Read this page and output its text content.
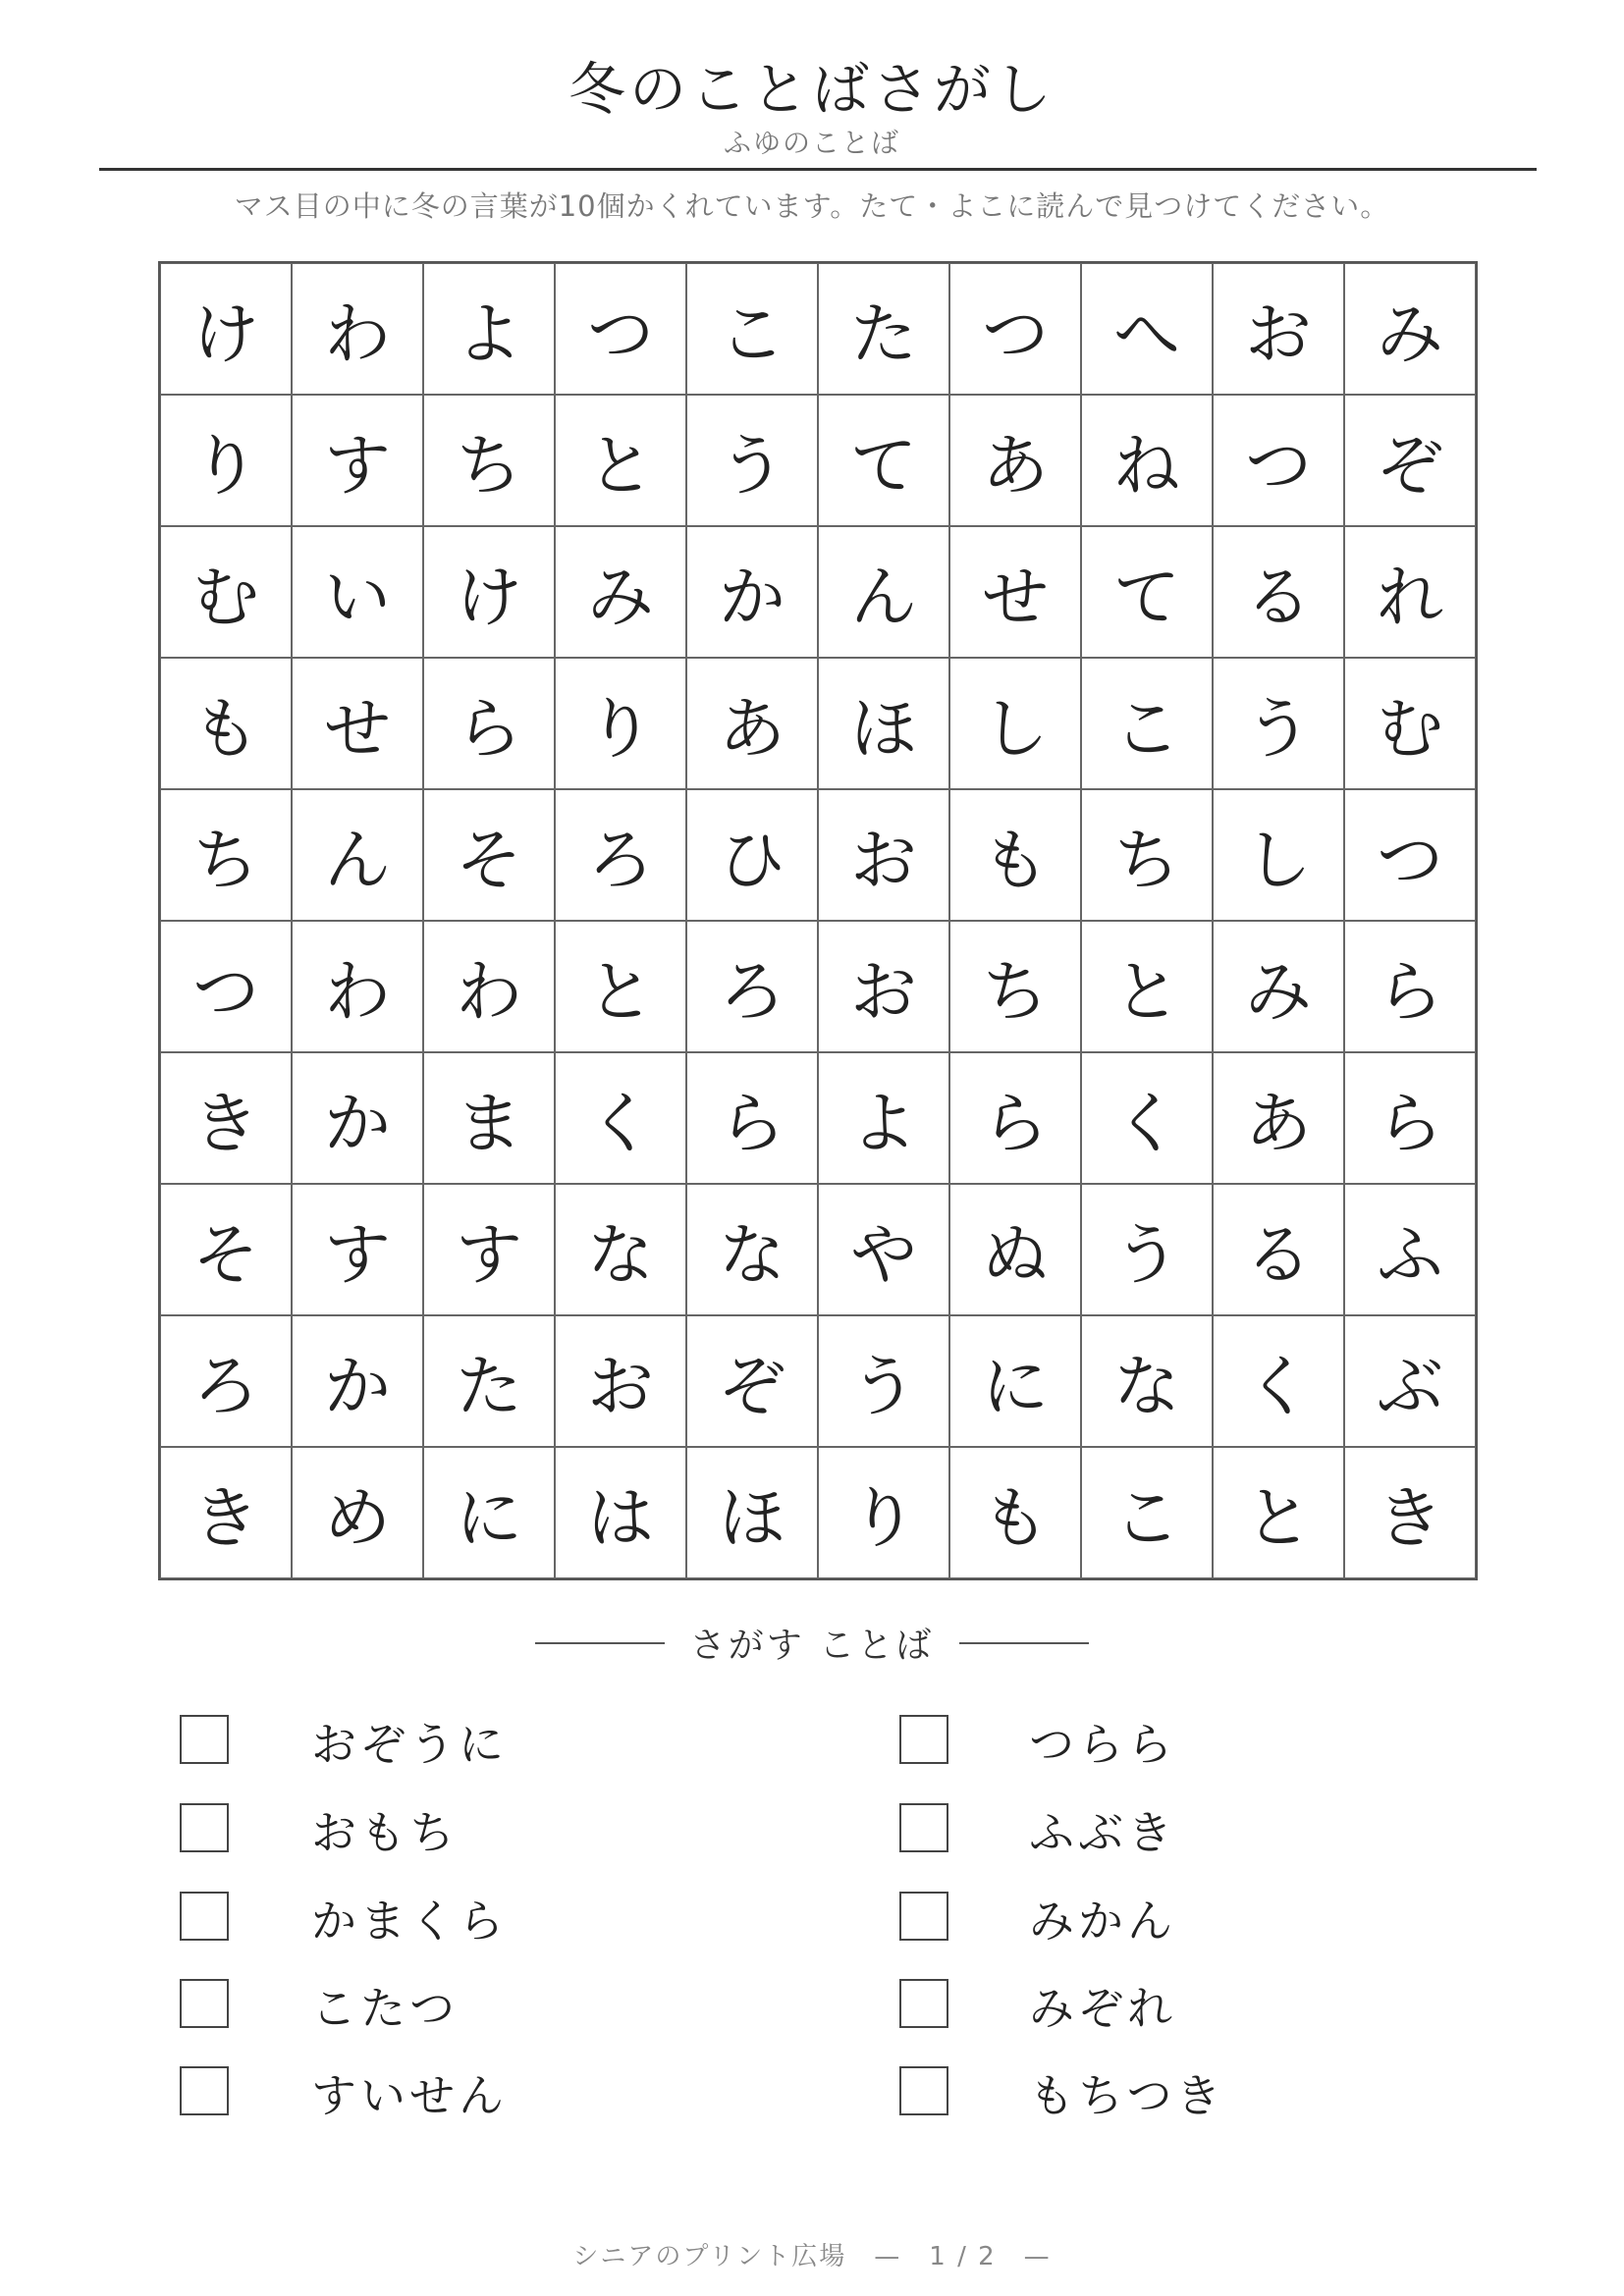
冬のことばさがし
ふゆのことば
マス目の中に冬の言葉が10個かくれています。たて・よこに読んで見つけてください。
け わ よ つ こ た つ へ お み
り す ち と う て あ ね つ ぞ
む い け み か ん せ て る れ
も せ ら り あ ほ し こ う む
ち ん そ ろ ひ お も ち し つ
つ わ わ と ろ お ち と み ら
き か ま く ら よ ら く あ ら
そ す す な な や ぬ う る ふ
ろ か た お ぞ う に な く ぶ
き め に は ほ り も こ と き
さがす ことば
おぞうに
おもち
かまくら
こたつ
すいせん
つらら
ふぶき
みかん
みぞれ
もちつき
シニアのプリント広場　—　1 / 2　—
